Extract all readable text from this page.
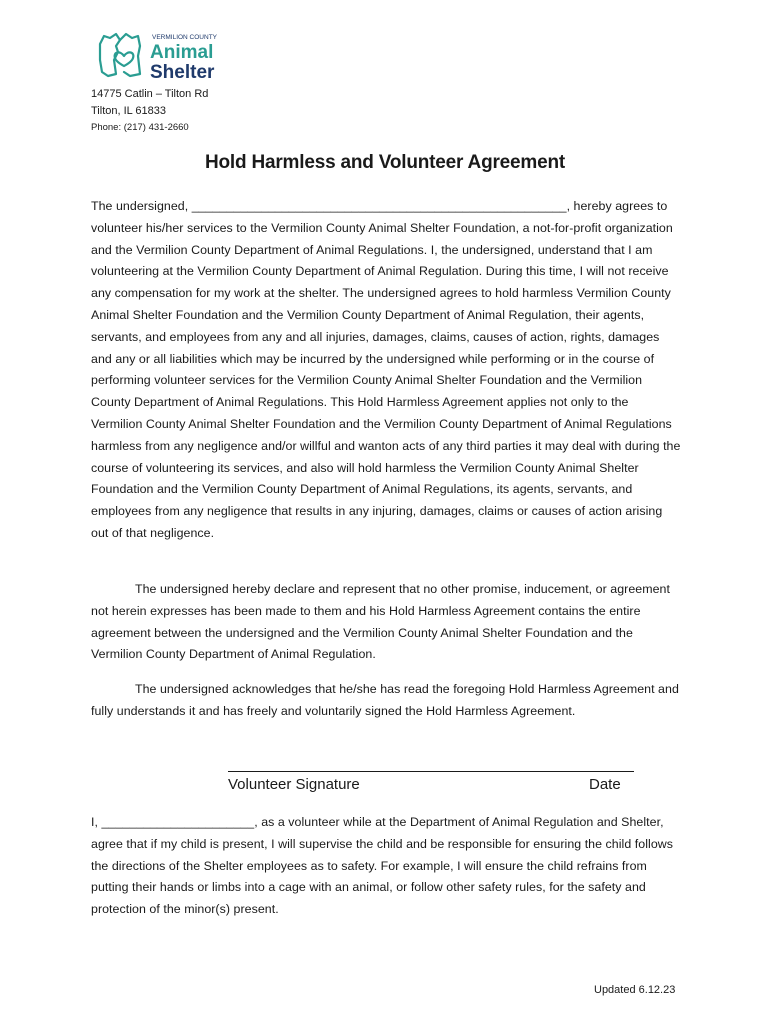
VERMILION COUNTY
Animal
Shelter
14775 Catlin – Tilton Rd
Tilton, IL 61833
Phone: (217) 431-2660
Hold Harmless and Volunteer Agreement
The undersigned, ______________________________________________________, hereby agrees to volunteer his/her services to the Vermilion County Animal Shelter Foundation, a not-for-profit organization and the Vermilion County Department of Animal Regulations. I, the undersigned, understand that I am volunteering at the Vermilion County Department of Animal Regulation. During this time, I will not receive any compensation for my work at the shelter. The undersigned agrees to hold harmless Vermilion County Animal Shelter Foundation and the Vermilion County Department of Animal Regulation, their agents, servants, and employees from any and all injuries, damages, claims, causes of action, rights, damages and any or all liabilities which may be incurred by the undersigned while performing or in the course of performing volunteer services for the Vermilion County Animal Shelter Foundation and the Vermilion County Department of Animal Regulations. This Hold Harmless Agreement applies not only to the Vermilion County Animal Shelter Foundation and the Vermilion County Department of Animal Regulations harmless from any negligence and/or willful and wanton acts of any third parties it may deal with during the course of volunteering its services, and also will hold harmless the Vermilion County Animal Shelter Foundation and the Vermilion County Department of Animal Regulations, its agents, servants, and employees from any negligence that results in any injuring, damages, claims or causes of action arising out of that negligence.
The undersigned hereby declare and represent that no other promise, inducement, or agreement not herein expresses has been made to them and his Hold Harmless Agreement contains the entire agreement between the undersigned and the Vermilion County Animal Shelter Foundation and the Vermilion County Department of Animal Regulation.
The undersigned acknowledges that he/she has read the foregoing Hold Harmless Agreement and fully understands it and has freely and voluntarily signed the Hold Harmless Agreement.
Volunteer Signature	Date
I, ______________________, as a volunteer while at the Department of Animal Regulation and Shelter, agree that if my child is present, I will supervise the child and be responsible for ensuring the child follows the directions of the Shelter employees as to safety. For example, I will ensure the child refrains from putting their hands or limbs into a cage with an animal, or follow other safety rules, for the safety and protection of the minor(s) present.
Updated 6.12.23
